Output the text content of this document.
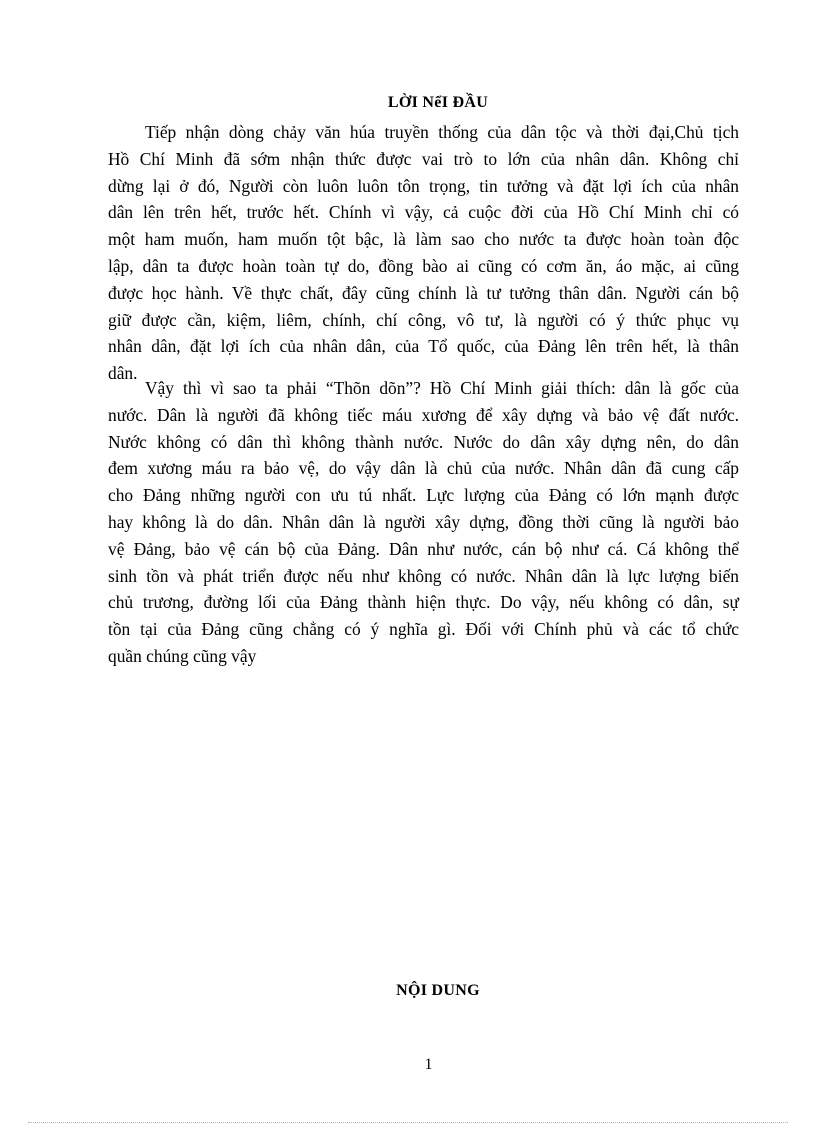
LỜI NểI ĐẦU
Tiếp nhận dòng chảy văn húa truyền thống của dân tộc và thời đại,Chủ tịch
Hồ Chí Minh đã sớm nhận thức được vai trò to lớn của nhân dân. Không chỉ
dừng lại ở đó, Người còn luôn luôn tôn trọng, tin tưởng và đặt lợi ích của nhân
dân lên trên hết, trước hết. Chính vì vậy, cả cuộc đời của Hồ Chí Minh chỉ có
một ham muốn, ham muốn tột bậc, là làm sao cho nước ta được hoàn toàn độc
lập, dân ta được hoàn toàn tự do, đồng bào ai cũng có cơm ăn, áo mặc, ai cũng
được học hành. Về thực chất, đây cũng chính là tư tưởng thân dân. Người cán bộ
giữ được cần, kiệm, liêm, chính, chí công, vô tư, là người có ý thức phục vụ
nhân dân, đặt lợi ích của nhân dân, của Tổ quốc, của Đảng lên trên hết, là thân
dân.
Vậy thì vì sao ta phải “Thõn dõn”? Hồ Chí Minh giải thích: dân là gốc của
nước. Dân là người đã không tiếc máu xương để xây dựng và bảo vệ đất nước.
Nước không có dân thì không thành nước. Nước do dân xây dựng nên, do dân
đem xương máu ra bảo vệ, do vậy dân là chủ của nước. Nhân dân đã cung cấp
cho Đảng những người con ưu tú nhất. Lực lượng của Đảng có lớn mạnh được
hay không là do dân. Nhân dân là người xây dựng, đồng thời cũng là người bảo
vệ Đảng, bảo vệ cán bộ của Đảng. Dân như nước, cán bộ như cá. Cá không thể
sinh tồn và phát triển được nếu như không có nước. Nhân dân là lực lượng biến
chủ trương, đường lối của Đảng thành hiện thực. Do vậy, nếu không có dân, sự
tồn tại của Đảng cũng chẳng có ý nghĩa gì. Đối với Chính phủ và các tổ chức
quần chúng cũng vậy
NỘI DUNG
1
